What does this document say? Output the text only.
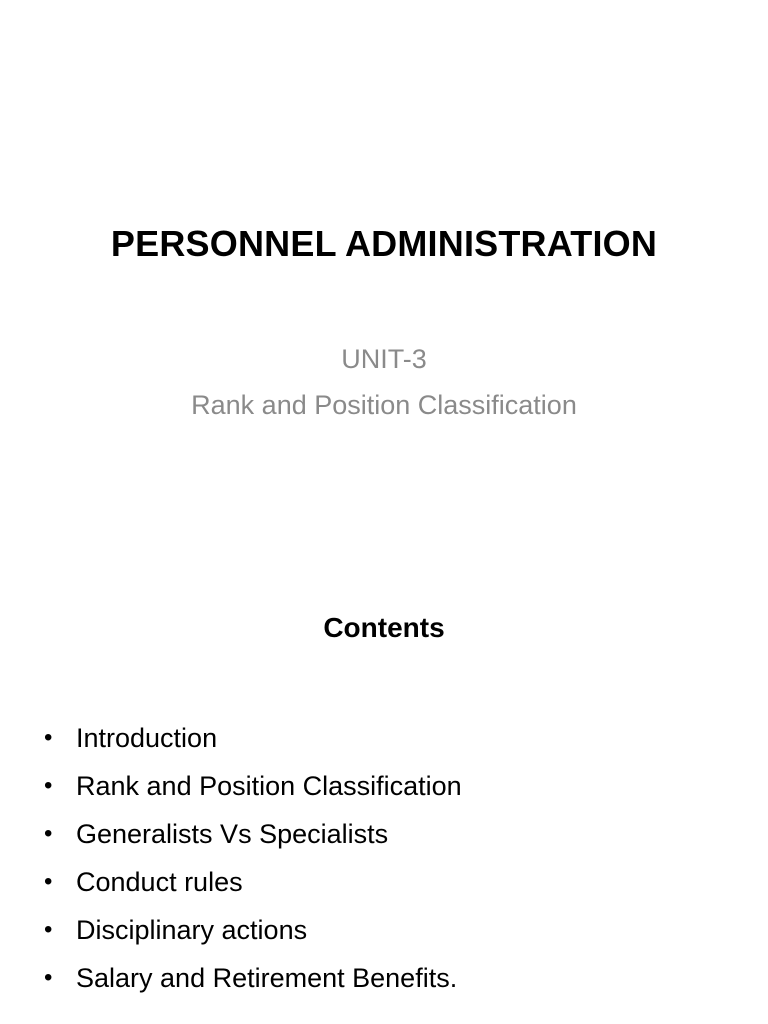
PERSONNEL ADMINISTRATION
UNIT-3
Rank and Position Classification
Contents
• Introduction
• Rank and Position Classification
• Generalists Vs Specialists
• Conduct rules
• Disciplinary actions
• Salary and Retirement Benefits.
